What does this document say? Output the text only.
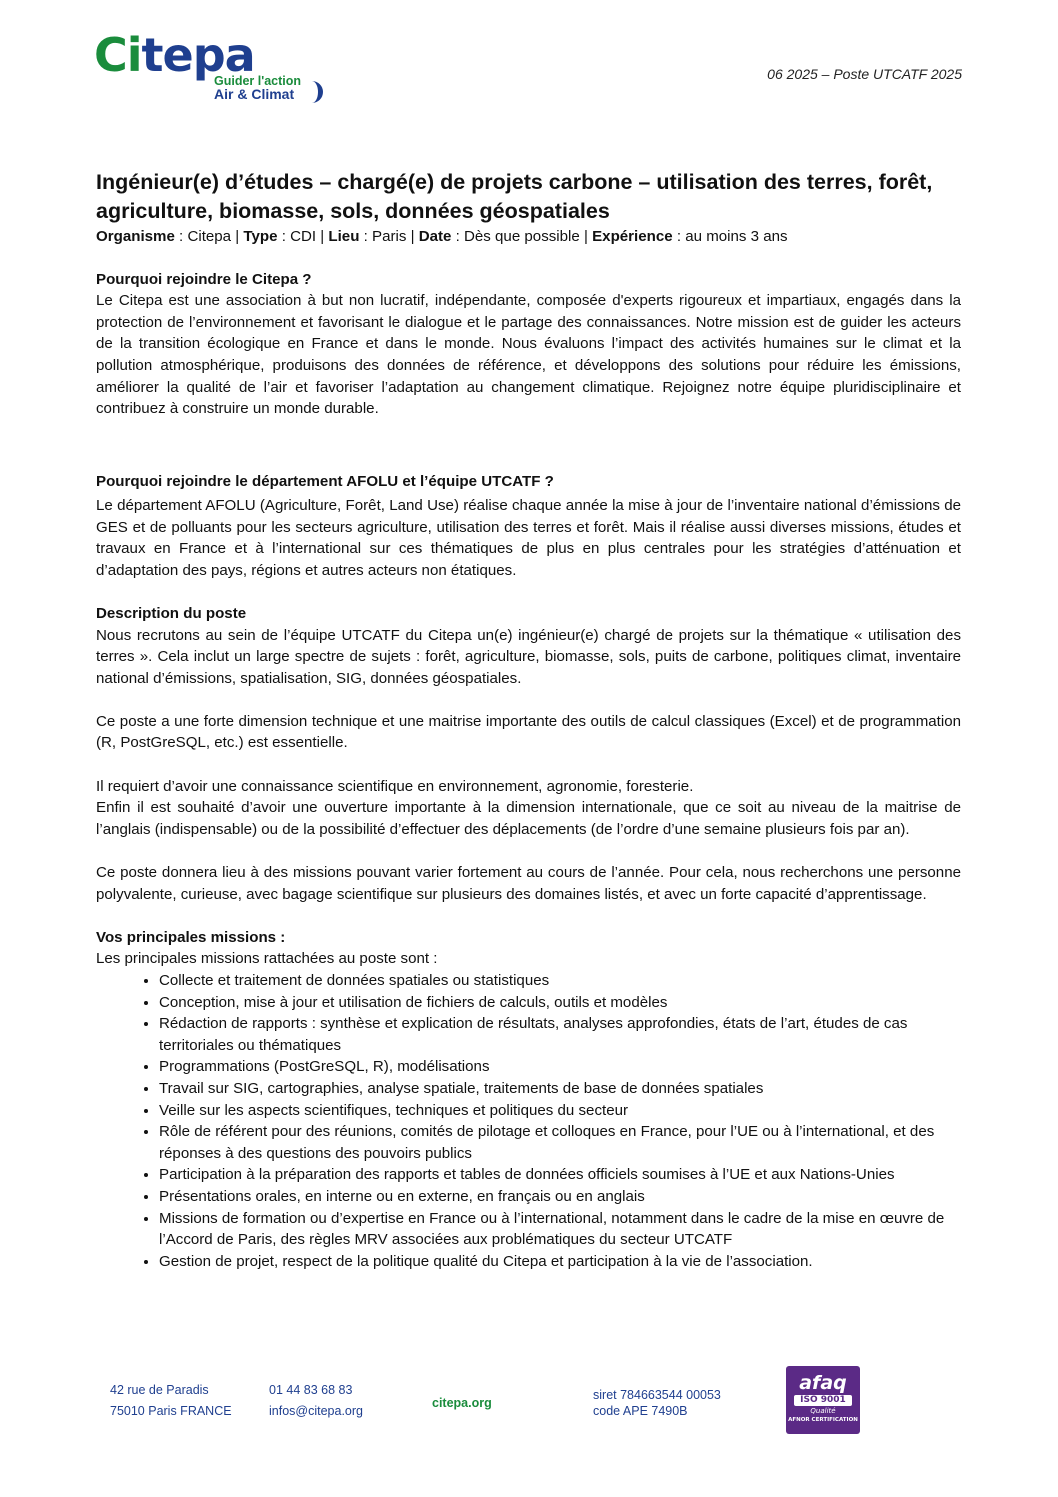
Citepa
Guider l'action
Air & Climat
06 2025 – Poste UTCATF 2025
Ingénieur(e) d’études – chargé(e) de projets carbone – utilisation des terres, forêt, agriculture, biomasse, sols, données géospatiales
Organisme : Citepa | Type : CDI | Lieu : Paris | Date : Dès que possible | Expérience : au moins 3 ans
Pourquoi rejoindre le Citepa ?

Le Citepa est une association à but non lucratif, indépendante, composée d'experts rigoureux et impartiaux, engagés dans la protection de l’environnement et favorisant le dialogue et le partage des connaissances. Notre mission est de guider les acteurs de la transition écologique en France et dans le monde. Nous évaluons l’impact des activités humaines sur le climat et la pollution atmosphérique, produisons des données de référence, et développons des solutions pour réduire les émissions, améliorer la qualité de l’air et favoriser l’adaptation au changement climatique. Rejoignez notre équipe pluridisciplinaire et contribuez à construire un monde durable.

Pourquoi rejoindre le département AFOLU et l’équipe UTCATF ?

Le département AFOLU (Agriculture, Forêt, Land Use) réalise chaque année la mise à jour de l’inventaire national d’émissions de GES et de polluants pour les secteurs agriculture, utilisation des terres et forêt. Mais il réalise aussi diverses missions, études et travaux en France et à l’international sur ces thématiques de plus en plus centrales pour les stratégies d’atténuation et d’adaptation des pays, régions et autres acteurs non étatiques.

Description du poste

Nous recrutons au sein de l’équipe UTCATF du Citepa un(e) ingénieur(e) chargé de projets sur la thématique « utilisation des terres ». Cela inclut un large spectre de sujets : forêt, agriculture, biomasse, sols, puits de carbone, politiques climat, inventaire national d’émissions, spatialisation, SIG, données géospatiales.

Ce poste a une forte dimension technique et une maitrise importante des outils de calcul classiques (Excel) et de programmation (R, PostGreSQL, etc.) est essentielle.

Il requiert d’avoir une connaissance scientifique en environnement, agronomie, foresterie.

Enfin il est souhaité d’avoir une ouverture importante à la dimension internationale, que ce soit au niveau de la maitrise de l’anglais (indispensable) ou de la possibilité d’effectuer des déplacements (de l’ordre d’une semaine plusieurs fois par an).

Ce poste donnera lieu à des missions pouvant varier fortement au cours de l’année. Pour cela, nous recherchons une personne polyvalente, curieuse, avec bagage scientifique sur plusieurs des domaines listés, et avec un forte capacité d’apprentissage.

Vos principales missions :

Les principales missions rattachées au poste sont :

• Collecte et traitement de données spatiales ou statistiques
• Conception, mise à jour et utilisation de fichiers de calculs, outils et modèles
• Rédaction de rapports : synthèse et explication de résultats, analyses approfondies, états de l’art, études de cas territoriales ou thématiques
• Programmations (PostGreSQL, R), modélisations
• Travail sur SIG, cartographies, analyse spatiale, traitements de base de données spatiales
• Veille sur les aspects scientifiques, techniques et politiques du secteur
• Rôle de référent pour des réunions, comités de pilotage et colloques en France, pour l’UE ou à l’international, et des réponses à des questions des pouvoirs publics
• Participation à la préparation des rapports et tables de données officiels soumises à l’UE et aux Nations-Unies
• Présentations orales, en interne ou en externe, en français ou en anglais
• Missions de formation ou d’expertise en France ou à l’international, notamment dans le cadre de la mise en œuvre de l’Accord de Paris, des règles MRV associées aux problématiques du secteur UTCATF
• Gestion de projet, respect de la politique qualité du Citepa et participation à la vie de l’association.
42 rue de Paradis
75010 Paris FRANCE
01 44 83 68 83
infos@citepa.org
citepa.org
siret 784663544 00053
code APE 7490B
afaq
ISO 9001
Qualité
AFNOR CERTIFICATION
